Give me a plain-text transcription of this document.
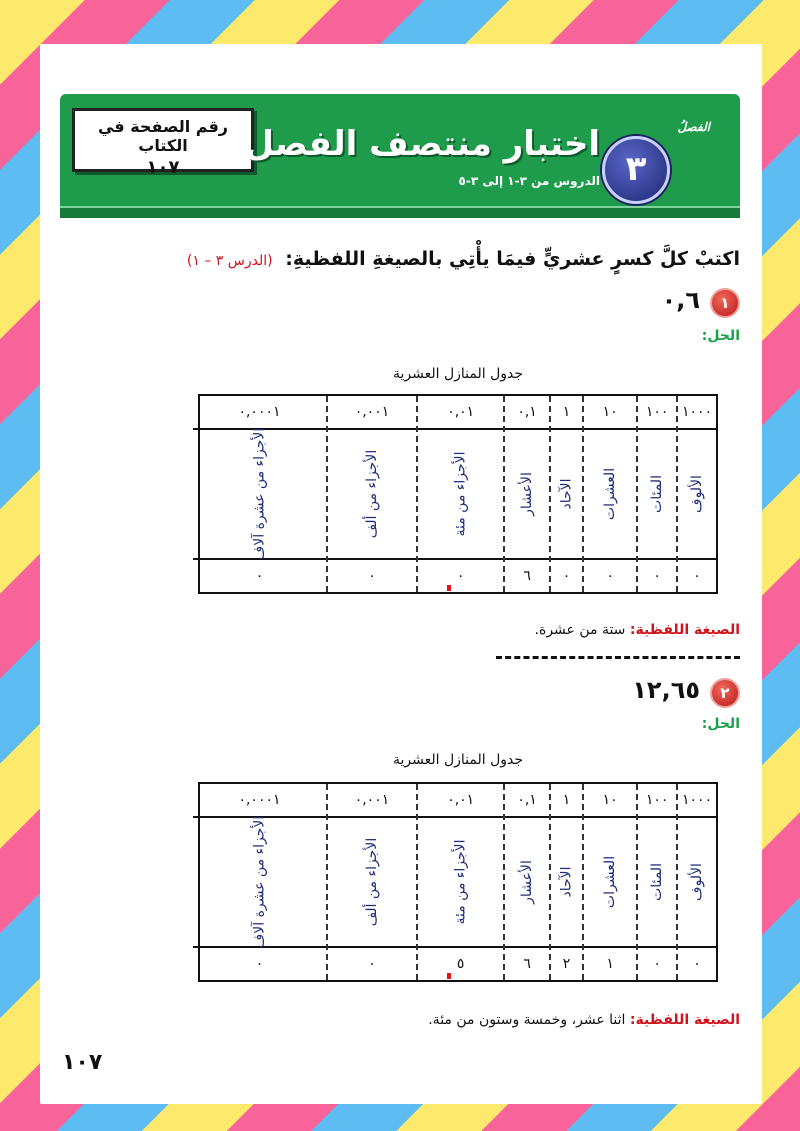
رقم الصفحة في الكتاب
١٠٧
اختبار منتصف الفصل
الدروس من ٣-١ إلى ٣-٥
الفصلُ
٣
اكتبْ كلَّ كسرٍ عشريٍّ فيمَا يأْتِي بالصيغةِ اللفظيةِ: (الدرس ٣ – ١)
١
٠,٦
الحل:
جدول المنازل العشرية
١٠٠٠
الألوف
٠
١٠٠
المئات
٠
١٠
العشرات
٠
١
الآحاد
٠
٠,١
الأعشار
٦
٠,٠١
الأجزاء من مئة
٠
٠,٠٠١
الأجزاء من ألف
٠
٠,٠٠٠١
الأجزاء من عشرة آلاف
٠
الصيغة اللفظية: ستة من عشرة.
٢
١٢,٦٥
الحل:
جدول المنازل العشرية
١٠٠٠
الألوف
٠
١٠٠
المئات
٠
١٠
العشرات
١
١
الآحاد
٢
٠,١
الأعشار
٦
٠,٠١
الأجزاء من مئة
٥
٠,٠٠١
الأجزاء من ألف
٠
٠,٠٠٠١
الأجزاء من عشرة آلاف
٠
الصيغة اللفظية: اثنا عشر، وخمسة وستون من مئة.
١٠٧
